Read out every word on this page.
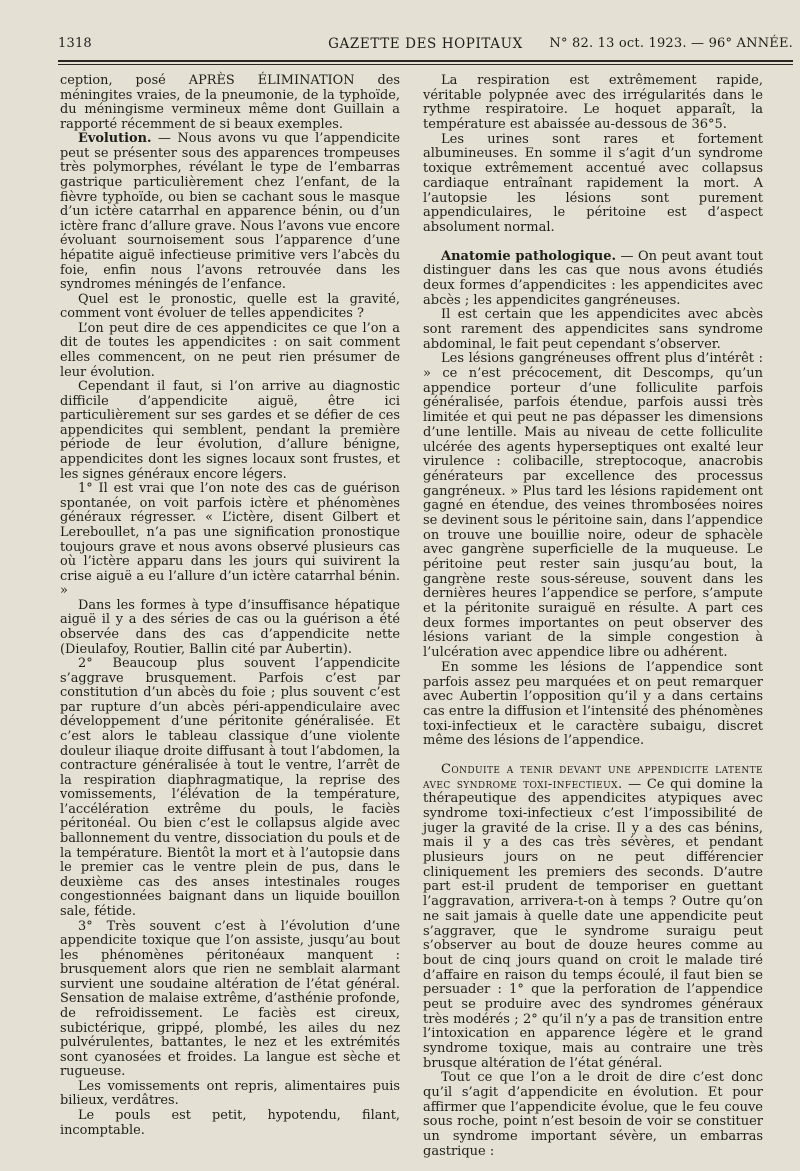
1318	GAZETTE DES HOPITAUX	N° 82. 13 oct. 1923. — 96° ANNÉE.

ception, posé APRÈS ÉLIMINATION des méningites vraies, de la pneumonie, de la typhoïde, du méningisme vermineux même dont Guillain a rapporté récemment de si beaux exemples.

Evolution. — Nous avons vu que l’appendicite peut se présenter sous des apparences trompeuses très polymorphes, révélant le type de l’embarras gastrique particulièrement chez l’enfant, de la fièvre typhoïde, ou bien se cachant sous le masque d’un ictère catarrhal en apparence bénin, ou d’un ictère franc d’allure grave. Nous l’avons vue encore évoluant sournoisement sous l’apparence d’une hépatite aiguë infectieuse primitive vers l’abcès du foie, enfin nous l’avons retrouvée dans les syndromes méningés de l’enfance.

Quel est le pronostic, quelle est la gravité, comment vont évoluer de telles appendicites ?

L’on peut dire de ces appendicites ce que l’on a dit de toutes les appendicites : on sait comment elles commencent, on ne peut rien présumer de leur évolution.

Cependant il faut, si l’on arrive au diagnostic difficile d’appendicite aiguë, être ici particulièrement sur ses gardes et se défier de ces appendicites qui semblent, pendant la première période de leur évolution, d’allure bénigne, appendicites dont les signes locaux sont frustes, et les signes généraux encore légers.

1° Il est vrai que l’on note des cas de guérison spontanée, on voit parfois ictère et phénomènes généraux régresser. « L’ictère, disent Gilbert et Lereboullet, n’a pas une signification pronostique toujours grave et nous avons observé plusieurs cas où l’ictère apparu dans les jours qui suivirent la crise aiguë a eu l’allure d’un ictère catarrhal bénin. »

Dans les formes à type d’insuffisance hépatique aiguë il y a des séries de cas ou la guérison a été observée dans des cas d’appendicite nette (Dieulafoy, Routier, Ballin cité par Aubertin).

2° Beaucoup plus souvent l’appendicite s’aggrave brusquement. Parfois c’est par constitution d’un abcès du foie ; plus souvent c’est par rupture d’un abcès péri-appendiculaire avec développement d’une péritonite généralisée. Et c’est alors le tableau classique d’une violente douleur iliaque droite diffusant à tout l’abdomen, la contracture généralisée à tout le ventre, l’arrêt de la respiration diaphragmatique, la reprise des vomissements, l’élévation de la température, l’accélération extrême du pouls, le faciès péritonéal. Ou bien c’est le collapsus algide avec ballonnement du ventre, dissociation du pouls et de la température. Bientôt la mort et à l’autopsie dans le premier cas le ventre plein de pus, dans le deuxième cas des anses intestinales rouges congestionnées baignant dans un liquide bouillon sale, fétide.

3° Très souvent c’est à l’évolution d’une appendicite toxique que l’on assiste, jusqu’au bout les phénomènes péritonéaux manquent : brusquement alors que rien ne semblait alarmant survient une soudaine altération de l’état général. Sensation de malaise extrême, d’asthénie profonde, de refroidissement. Le faciès est cireux, subictérique, grippé, plombé, les ailes du nez pulvérulentes, battantes, le nez et les extrémités sont cyanosées et froides. La langue est sèche et rugueuse.

Les vomissements ont repris, alimentaires puis bilieux, verdâtres.

Le pouls est petit, hypotendu, filant, incomptable.

La respiration est extrêmement rapide, véritable polypnée avec des irrégularités dans le rythme respiratoire. Le hoquet apparaît, la température est abaissée au-dessous de 36°5.

Les urines sont rares et fortement albumineuses. En somme il s’agit d’un syndrome toxique extrêmement accentué avec collapsus cardiaque entraînant rapidement la mort. A l’autopsie les lésions sont purement appendiculaires, le péritoine est d’aspect absolument normal.

Anatomie pathologique. — On peut avant tout distinguer dans les cas que nous avons étudiés deux formes d’appendicites : les appendicites avec abcès ; les appendicites gangréneuses.

Il est certain que les appendicites avec abcès sont rarement des appendicites sans syndrome abdominal, le fait peut cependant s’observer.

Les lésions gangréneuses offrent plus d’intérêt : » ce n’est précocement, dit Descomps, qu’un appendice porteur d’une folliculite parfois généralisée, parfois étendue, parfois aussi très limitée et qui peut ne pas dépasser les dimensions d’une lentille. Mais au niveau de cette folliculite ulcérée des agents hyperseptiques ont exalté leur virulence : colibacille, streptocoque, anacrobis générateurs par excellence des processus gangréneux. » Plus tard les lésions rapidement ont gagné en étendue, des veines thrombosées noires se devinent sous le péritoine sain, dans l’appendice on trouve une bouillie noire, odeur de sphacèle avec gangrène superficielle de la muqueuse. Le péritoine peut rester sain jusqu’au bout, la gangrène reste sous-séreuse, souvent dans les dernières heures l’appendice se perfore, s’ampute et la péritonite suraiguë en résulte. A part ces deux formes importantes on peut observer des lésions variant de la simple congestion à l’ulcération avec appendice libre ou adhérent.

En somme les lésions de l’appendice sont parfois assez peu marquées et on peut remarquer avec Aubertin l’opposition qu’il y a dans certains cas entre la diffusion et l’intensité des phénomènes toxi-infectieux et le caractère subaigu, discret même des lésions de l’appendice.

Conduite a tenir devant une appendicite latente avec syndrome toxi-infectieux. — Ce qui domine la thérapeutique des appendicites atypiques avec syndrome toxi-infectieux c’est l’impossibilité de juger la gravité de la crise. Il y a des cas bénins, mais il y a des cas très sévères, et pendant plusieurs jours on ne peut différencier cliniquement les premiers des seconds. D’autre part est-il prudent de temporiser en guettant l’aggravation, arrivera-t-on à temps ? Outre qu’on ne sait jamais à quelle date une appendicite peut s’aggraver, que le syndrome suraigu peut s’observer au bout de douze heures comme au bout de cinq jours quand on croit le malade tiré d’affaire en raison du temps écoulé, il faut bien se persuader : 1° que la perforation de l’appendice peut se produire avec des syndromes généraux très modérés ; 2° qu’il n’y a pas de transition entre l’intoxication en apparence légère et le grand syndrome toxique, mais au contraire une très brusque altération de l’état général.

Tout ce que l’on a le droit de dire c’est donc qu’il s’agit d’appendicite en évolution. Et pour affirmer que l’appendicite évolue, que le feu couve sous roche, point n’est besoin de voir se constituer un syndrome important sévère, un embarras gastrique :
